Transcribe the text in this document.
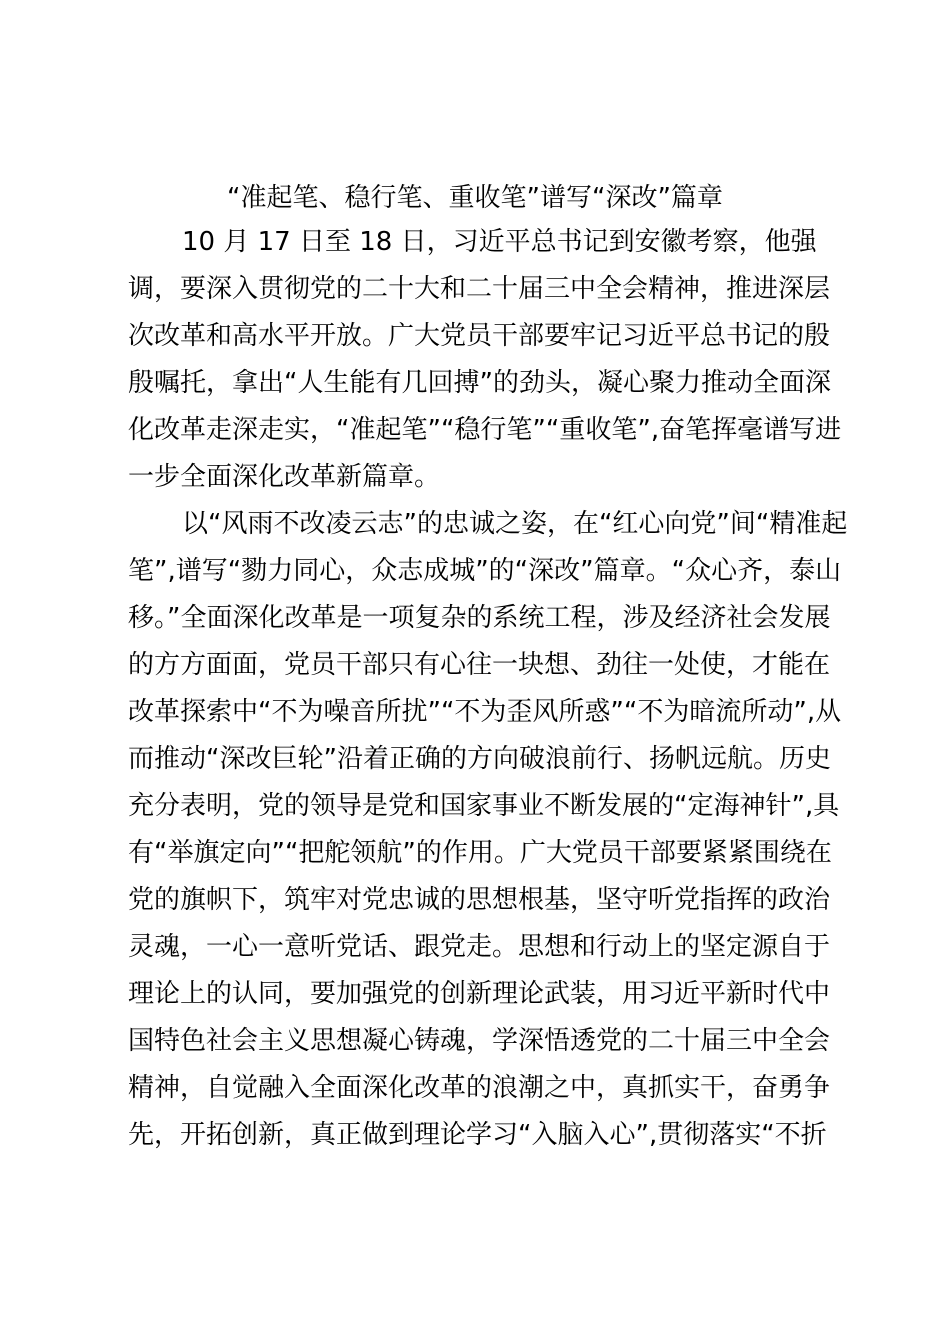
“准起笔、稳行笔、重收笔”谱写“深改”篇章
10 月 17 日至 18 日，习近平总书记到安徽考察，他强
调，要深入贯彻党的二十大和二十届三中全会精神，推进深层
次改革和高水平开放。广大党员干部要牢记习近平总书记的殷
殷嘱托，拿出“人生能有几回搏”的劲头，凝心聚力推动全面深
化改革走深走实，“准起笔”“稳行笔”“重收笔”,奋笔挥毫谱写进
一步全面深化改革新篇章。
以“风雨不改凌云志”的忠诚之姿，在“红心向党”间“精准起
笔”,谱写“勠力同心，众志成城”的“深改”篇章。“众心齐，泰山
移。”全面深化改革是一项复杂的系统工程，涉及经济社会发展
的方方面面，党员干部只有心往一块想、劲往一处使，才能在
改革探索中“不为噪音所扰”“不为歪风所惑”“不为暗流所动”,从
而推动“深改巨轮”沿着正确的方向破浪前行、扬帆远航。历史
充分表明，党的领导是党和国家事业不断发展的“定海神针”,具
有“举旗定向”“把舵领航”的作用。广大党员干部要紧紧围绕在
党的旗帜下，筑牢对党忠诚的思想根基，坚守听党指挥的政治
灵魂，一心一意听党话、跟党走。思想和行动上的坚定源自于
理论上的认同，要加强党的创新理论武装，用习近平新时代中
国特色社会主义思想凝心铸魂，学深悟透党的二十届三中全会
精神，自觉融入全面深化改革的浪潮之中，真抓实干，奋勇争
先，开拓创新，真正做到理论学习“入脑入心”,贯彻落实“不折
